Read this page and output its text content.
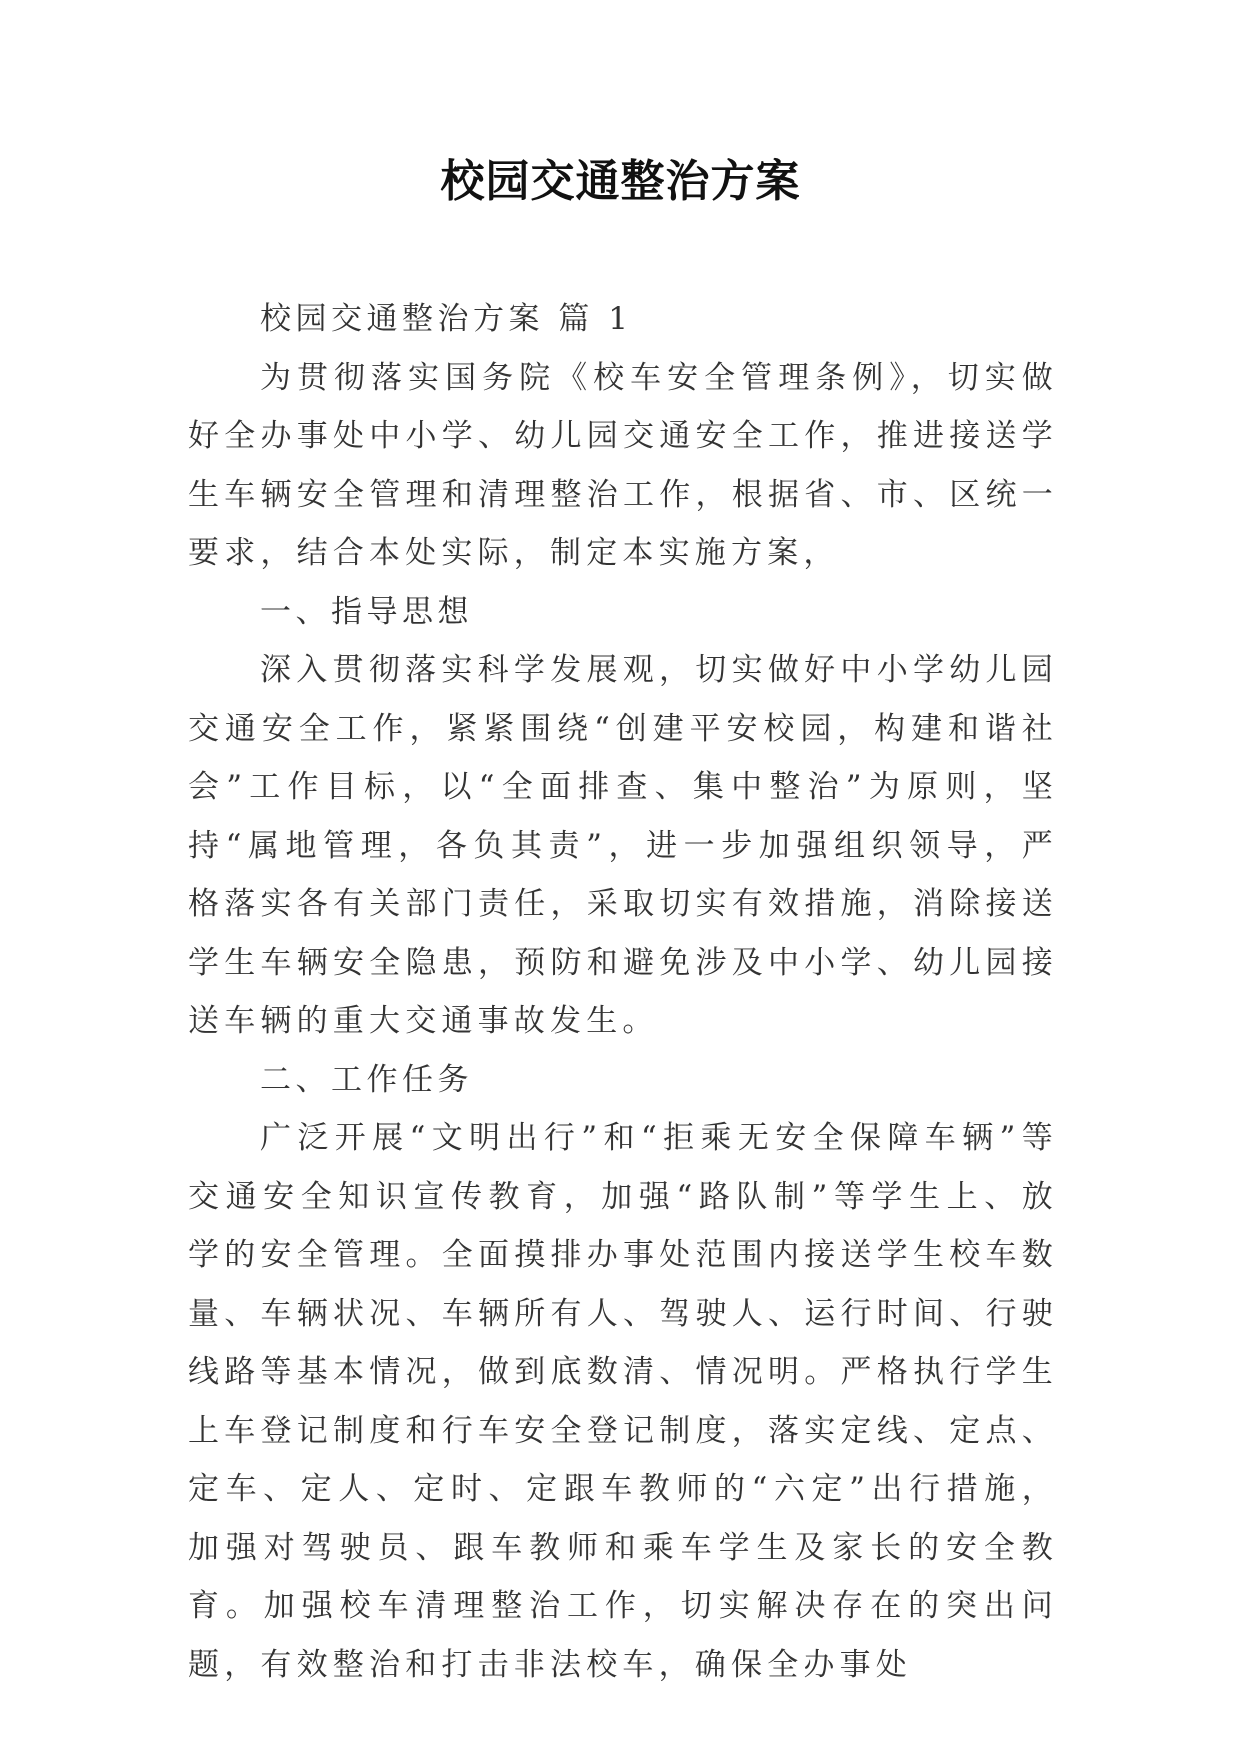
校园交通整治方案

校园交通整治方案 篇 1

为贯彻落实国务院《校车安全管理条例》，切实做好全办事处中小学、幼儿园交通安全工作，推进接送学生车辆安全管理和清理整治工作，根据省、市、区统一要求，结合本处实际，制定本实施方案，

一、指导思想

深入贯彻落实科学发展观，切实做好中小学幼儿园交通安全工作，紧紧围绕“创建平安校园，构建和谐社会”工作目标，以“全面排查、集中整治”为原则，坚持“属地管理，各负其责”，进一步加强组织领导，严格落实各有关部门责任，采取切实有效措施，消除接送学生车辆安全隐患，预防和避免涉及中小学、幼儿园接送车辆的重大交通事故发生。

二、工作任务

广泛开展“文明出行”和“拒乘无安全保障车辆”等交通安全知识宣传教育，加强“路队制”等学生上、放学的安全管理。全面摸排办事处范围内接送学生校车数量、车辆状况、车辆所有人、驾驶人、运行时间、行驶线路等基本情况，做到底数清、情况明。严格执行学生上车登记制度和行车安全登记制度，落实定线、定点、定车、定人、定时、定跟车教师的“六定”出行措施，加强对驾驶员、跟车教师和乘车学生及家长的安全教育。加强校车清理整治工作，切实解决存在的突出问题，有效整治和打击非法校车，确保全办事处
